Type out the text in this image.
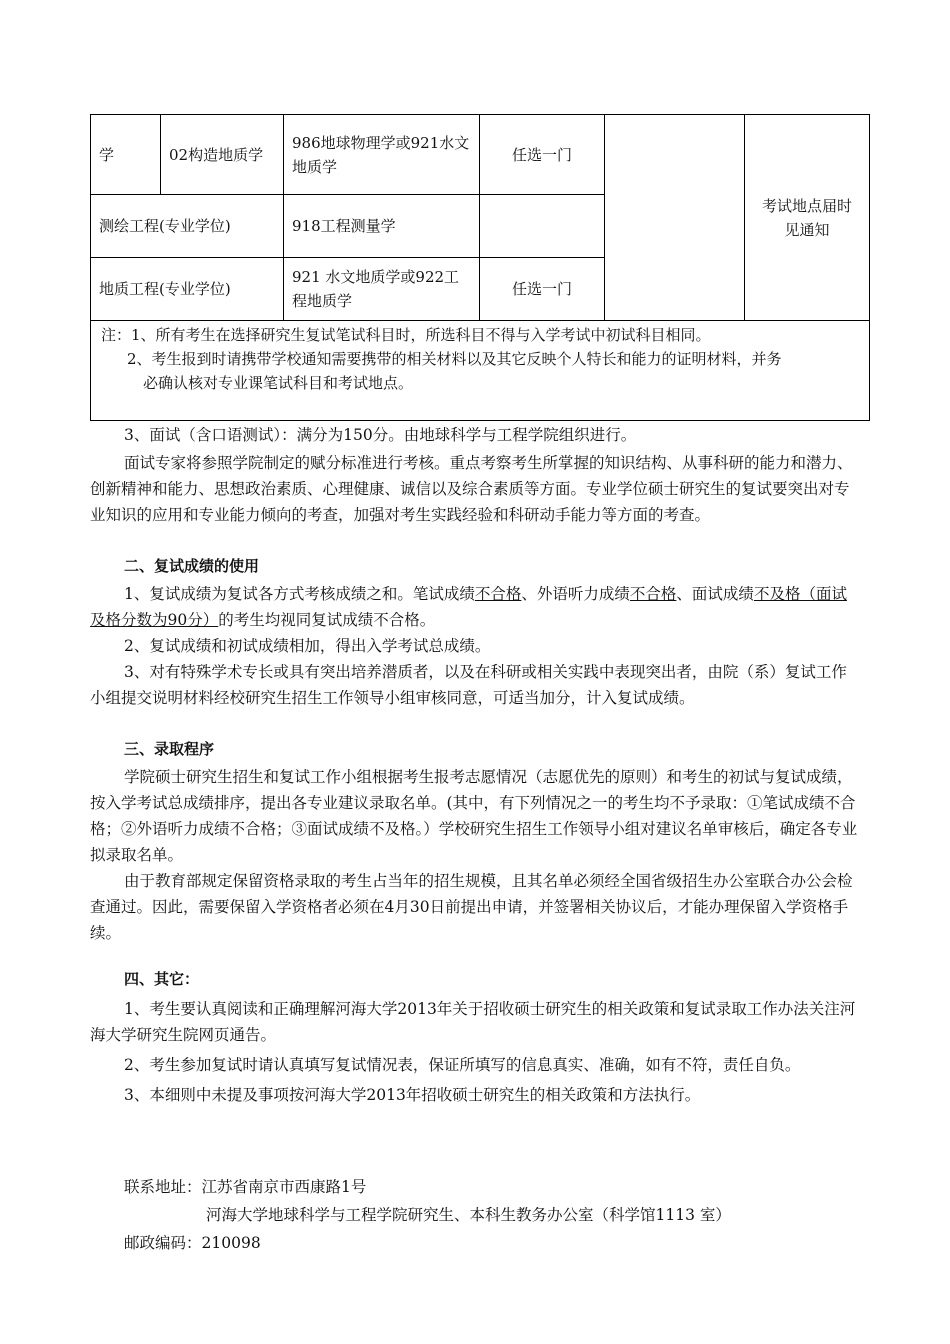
学	02构造地质学	986地球物理学或921水文地质学	任选一门		考试地点届时见通知
测绘工程(专业学位)		918工程测量学			
地质工程(专业学位)		921 水文地质学或922工程地质学	任选一门		

注：1、所有考生在选择研究生复试笔试科目时，所选科目不得与入学考试中初试科目相同。
2、考生报到时请携带学校通知需要携带的相关材料以及其它反映个人特长和能力的证明材料，并务
必确认核对专业课笔试科目和考试地点。					

3、面试（含口语测试）：满分为150分。由地球科学与工程学院组织进行。

面试专家将参照学院制定的赋分标准进行考核。重点考察考生所掌握的知识结构、从事科研的能力和潜力、创新精神和能力、思想政治素质、心理健康、诚信以及综合素质等方面。专业学位硕士研究生的复试要突出对专业知识的应用和专业能力倾向的考查，加强对考生实践经验和科研动手能力等方面的考查。

二、复试成绩的使用

1、复试成绩为复试各方式考核成绩之和。笔试成绩不合格、外语听力成绩不合格、面试成绩不及格（面试及格分数为90分）的考生均视同复试成绩不合格。

2、复试成绩和初试成绩相加，得出入学考试总成绩。

3、对有特殊学术专长或具有突出培养潜质者，以及在科研或相关实践中表现突出者，由院（系）复试工作小组提交说明材料经校研究生招生工作领导小组审核同意，可适当加分，计入复试成绩。

三、录取程序

学院硕士研究生招生和复试工作小组根据考生报考志愿情况（志愿优先的原则）和考生的初试与复试成绩，按入学考试总成绩排序，提出各专业建议录取名单。(其中，有下列情况之一的考生均不予录取：①笔试成绩不合格；②外语听力成绩不合格；③面试成绩不及格。）学校研究生招生工作领导小组对建议名单审核后，确定各专业拟录取名单。

由于教育部规定保留资格录取的考生占当年的招生规模，且其名单必须经全国省级招生办公室联合办公会检查通过。因此，需要保留入学资格者必须在4月30日前提出申请，并签署相关协议后，才能办理保留入学资格手续。

四、其它：

1、考生要认真阅读和正确理解河海大学2013年关于招收硕士研究生的相关政策和复试录取工作办法关注河海大学研究生院网页通告。

2、考生参加复试时请认真填写复试情况表，保证所填写的信息真实、准确，如有不符，责任自负。

3、本细则中未提及事项按河海大学2013年招收硕士研究生的相关政策和方法执行。

联系地址：江苏省南京市西康路1号
河海大学地球科学与工程学院研究生、本科生教务办公室（科学馆1113 室）
邮政编码：210098
